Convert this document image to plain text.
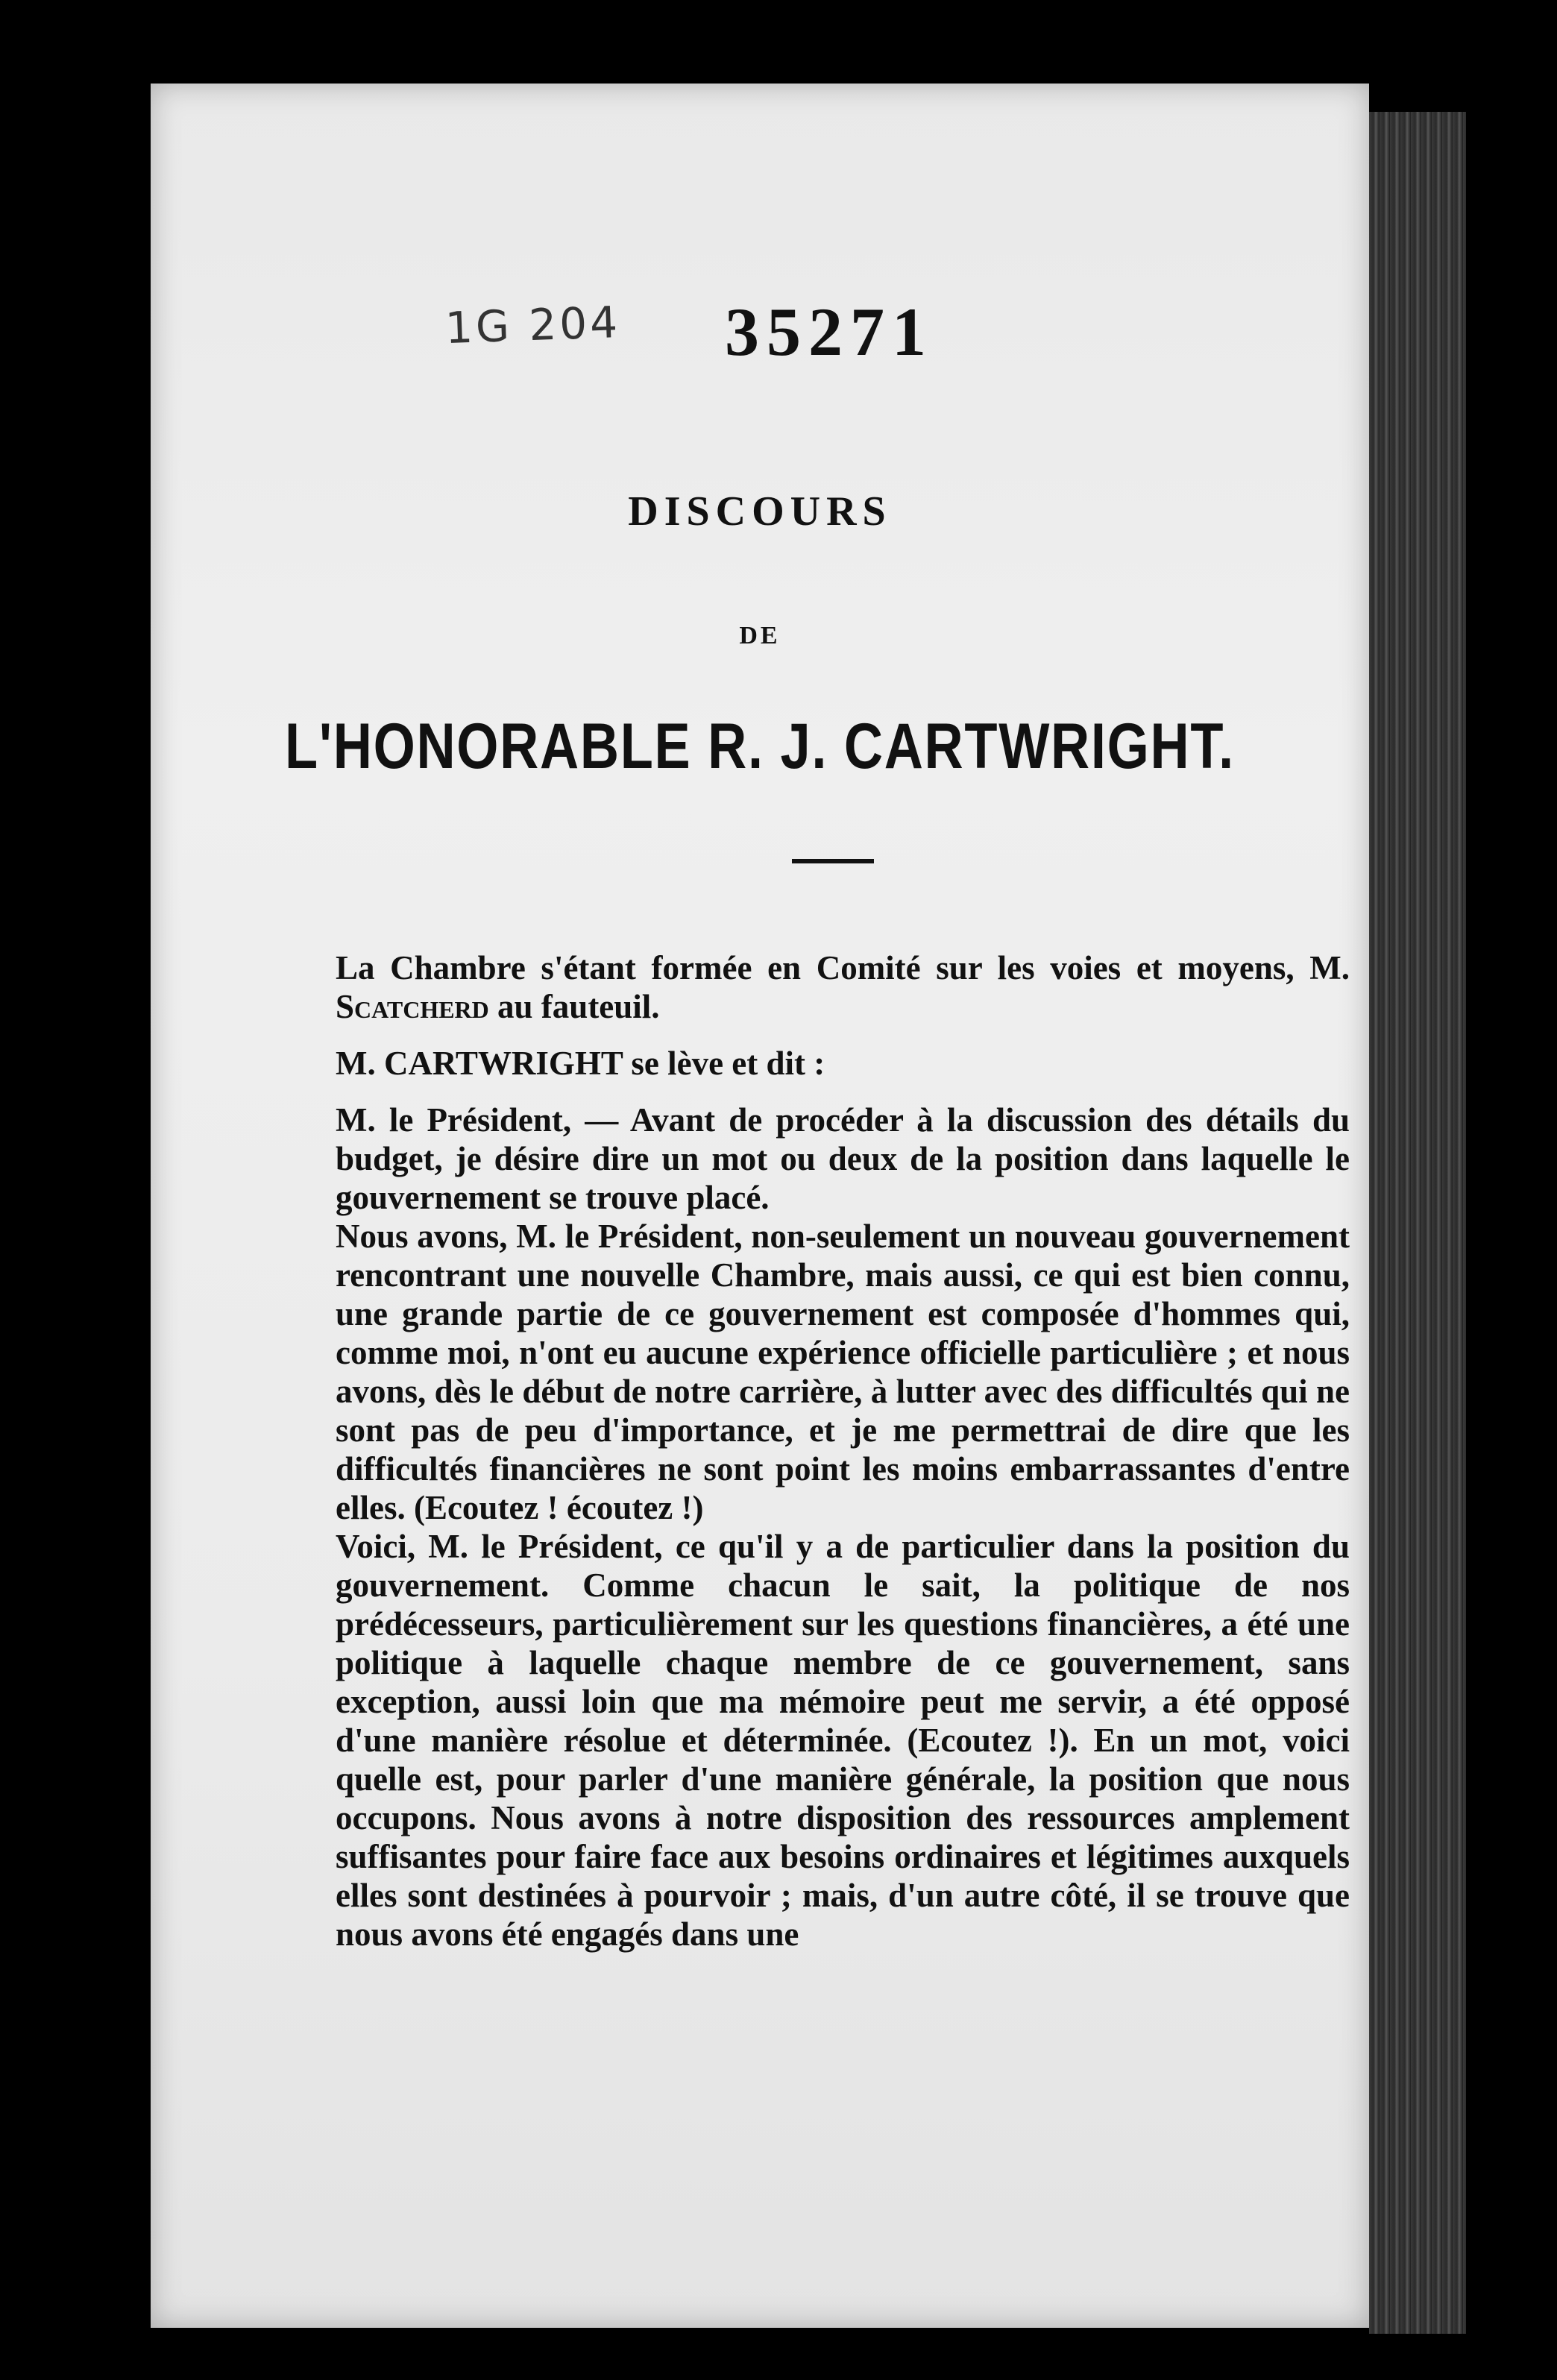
1G 204 35271
DISCOURS
DE
L'HONORABLE R. J. CARTWRIGHT.

La Chambre s'étant formée en Comité sur les voies et moyens, M. Scatcherd au fauteuil.

M. CARTWRIGHT se lève et dit :

M. le Président, — Avant de procéder à la discussion des détails du budget, je désire dire un mot ou deux de la position dans laquelle le gouvernement se trouve placé.

Nous avons, M. le Président, non-seulement un nouveau gouvernement rencontrant une nouvelle Chambre, mais aussi, ce qui est bien connu, une grande partie de ce gouvernement est composée d'hommes qui, comme moi, n'ont eu aucune expérience officielle particulière ; et nous avons, dès le début de notre carrière, à lutter avec des difficultés qui ne sont pas de peu d'importance, et je me permettrai de dire que les difficultés financières ne sont point les moins embarrassantes d'entre elles. (Ecoutez ! écoutez !)

Voici, M. le Président, ce qu'il y a de particulier dans la position du gouvernement. Comme chacun le sait, la politique de nos prédécesseurs, particulièrement sur les questions financières, a été une politique à laquelle chaque membre de ce gouvernement, sans exception, aussi loin que ma mémoire peut me servir, a été opposé d'une manière résolue et déterminée. (Ecoutez !). En un mot, voici quelle est, pour parler d'une manière générale, la position que nous occupons. Nous avons à notre disposition des ressources amplement suffisantes pour faire face aux besoins ordinaires et légitimes auxquels elles sont destinées à pourvoir ; mais, d'un autre côté, il se trouve que nous avons été engagés dans une
